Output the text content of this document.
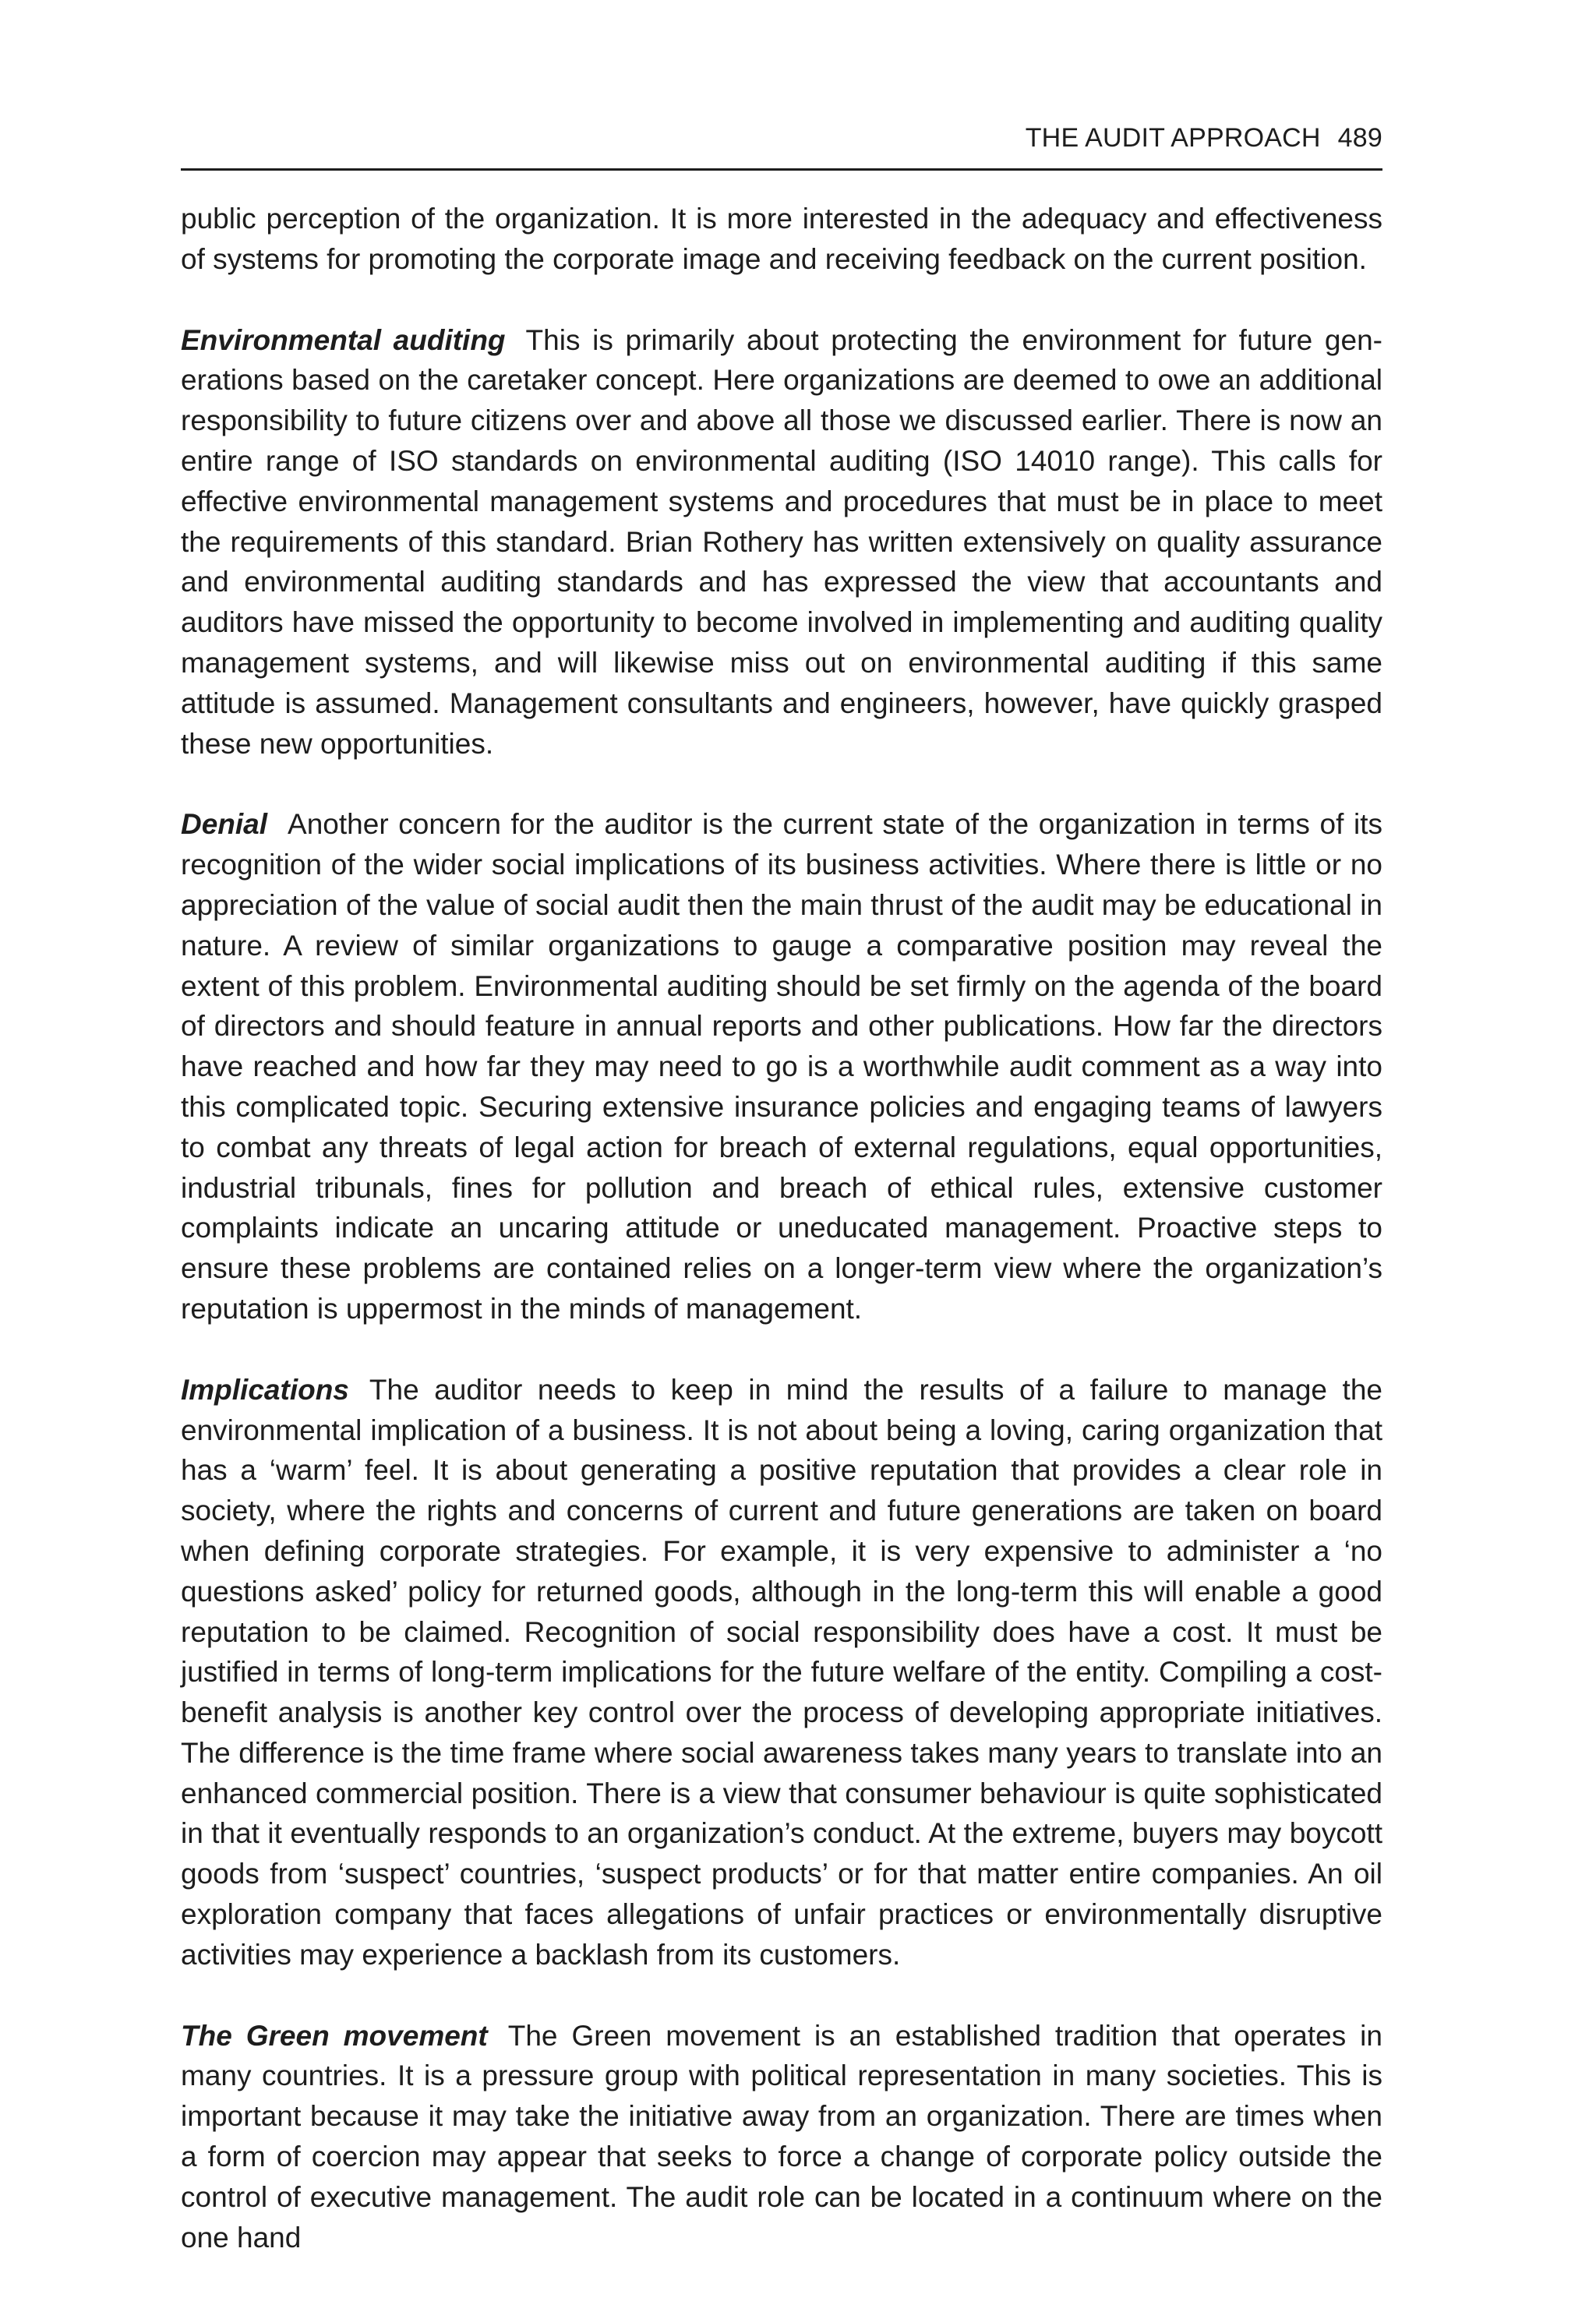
THE AUDIT APPROACH 489

public perception of the organization. It is more interested in the adequacy and effectiveness of systems for promoting the corporate image and receiving feedback on the current position.

Environmental auditing This is primarily about protecting the environment for future generations based on the caretaker concept. Here organizations are deemed to owe an additional responsibility to future citizens over and above all those we discussed earlier. There is now an entire range of ISO standards on environmental auditing (ISO 14010 range). This calls for effective environmental management systems and procedures that must be in place to meet the requirements of this standard. Brian Rothery has written extensively on quality assurance and environmental auditing standards and has expressed the view that accountants and auditors have missed the opportunity to become involved in implementing and auditing quality management systems, and will likewise miss out on environmental auditing if this same attitude is assumed. Management consultants and engineers, however, have quickly grasped these new opportunities.

Denial Another concern for the auditor is the current state of the organization in terms of its recognition of the wider social implications of its business activities. Where there is little or no appreciation of the value of social audit then the main thrust of the audit may be educational in nature. A review of similar organizations to gauge a comparative position may reveal the extent of this problem. Environmental auditing should be set firmly on the agenda of the board of directors and should feature in annual reports and other publications. How far the directors have reached and how far they may need to go is a worthwhile audit comment as a way into this complicated topic. Securing extensive insurance policies and engaging teams of lawyers to combat any threats of legal action for breach of external regulations, equal opportunities, industrial tribunals, fines for pollution and breach of ethical rules, extensive customer complaints indicate an uncaring attitude or uneducated management. Proactive steps to ensure these problems are contained relies on a longer-term view where the organization’s reputation is uppermost in the minds of management.

Implications The auditor needs to keep in mind the results of a failure to manage the environmental implication of a business. It is not about being a loving, caring organization that has a ‘warm’ feel. It is about generating a positive reputation that provides a clear role in society, where the rights and concerns of current and future generations are taken on board when defining corporate strategies. For example, it is very expensive to administer a ‘no questions asked’ policy for returned goods, although in the long-term this will enable a good reputation to be claimed. Recognition of social responsibility does have a cost. It must be justified in terms of long-term implications for the future welfare of the entity. Compiling a cost-benefit analysis is another key control over the process of developing appropriate initiatives. The difference is the time frame where social awareness takes many years to translate into an enhanced commercial position. There is a view that consumer behaviour is quite sophisticated in that it eventually responds to an organization’s conduct. At the extreme, buyers may boycott goods from ‘suspect’ countries, ‘suspect products’ or for that matter entire companies. An oil exploration company that faces allegations of unfair practices or environmentally disruptive activities may experience a backlash from its customers.

The Green movement The Green movement is an established tradition that operates in many countries. It is a pressure group with political representation in many societies. This is important because it may take the initiative away from an organization. There are times when a form of coercion may appear that seeks to force a change of corporate policy outside the control of executive management. The audit role can be located in a continuum where on the one hand
